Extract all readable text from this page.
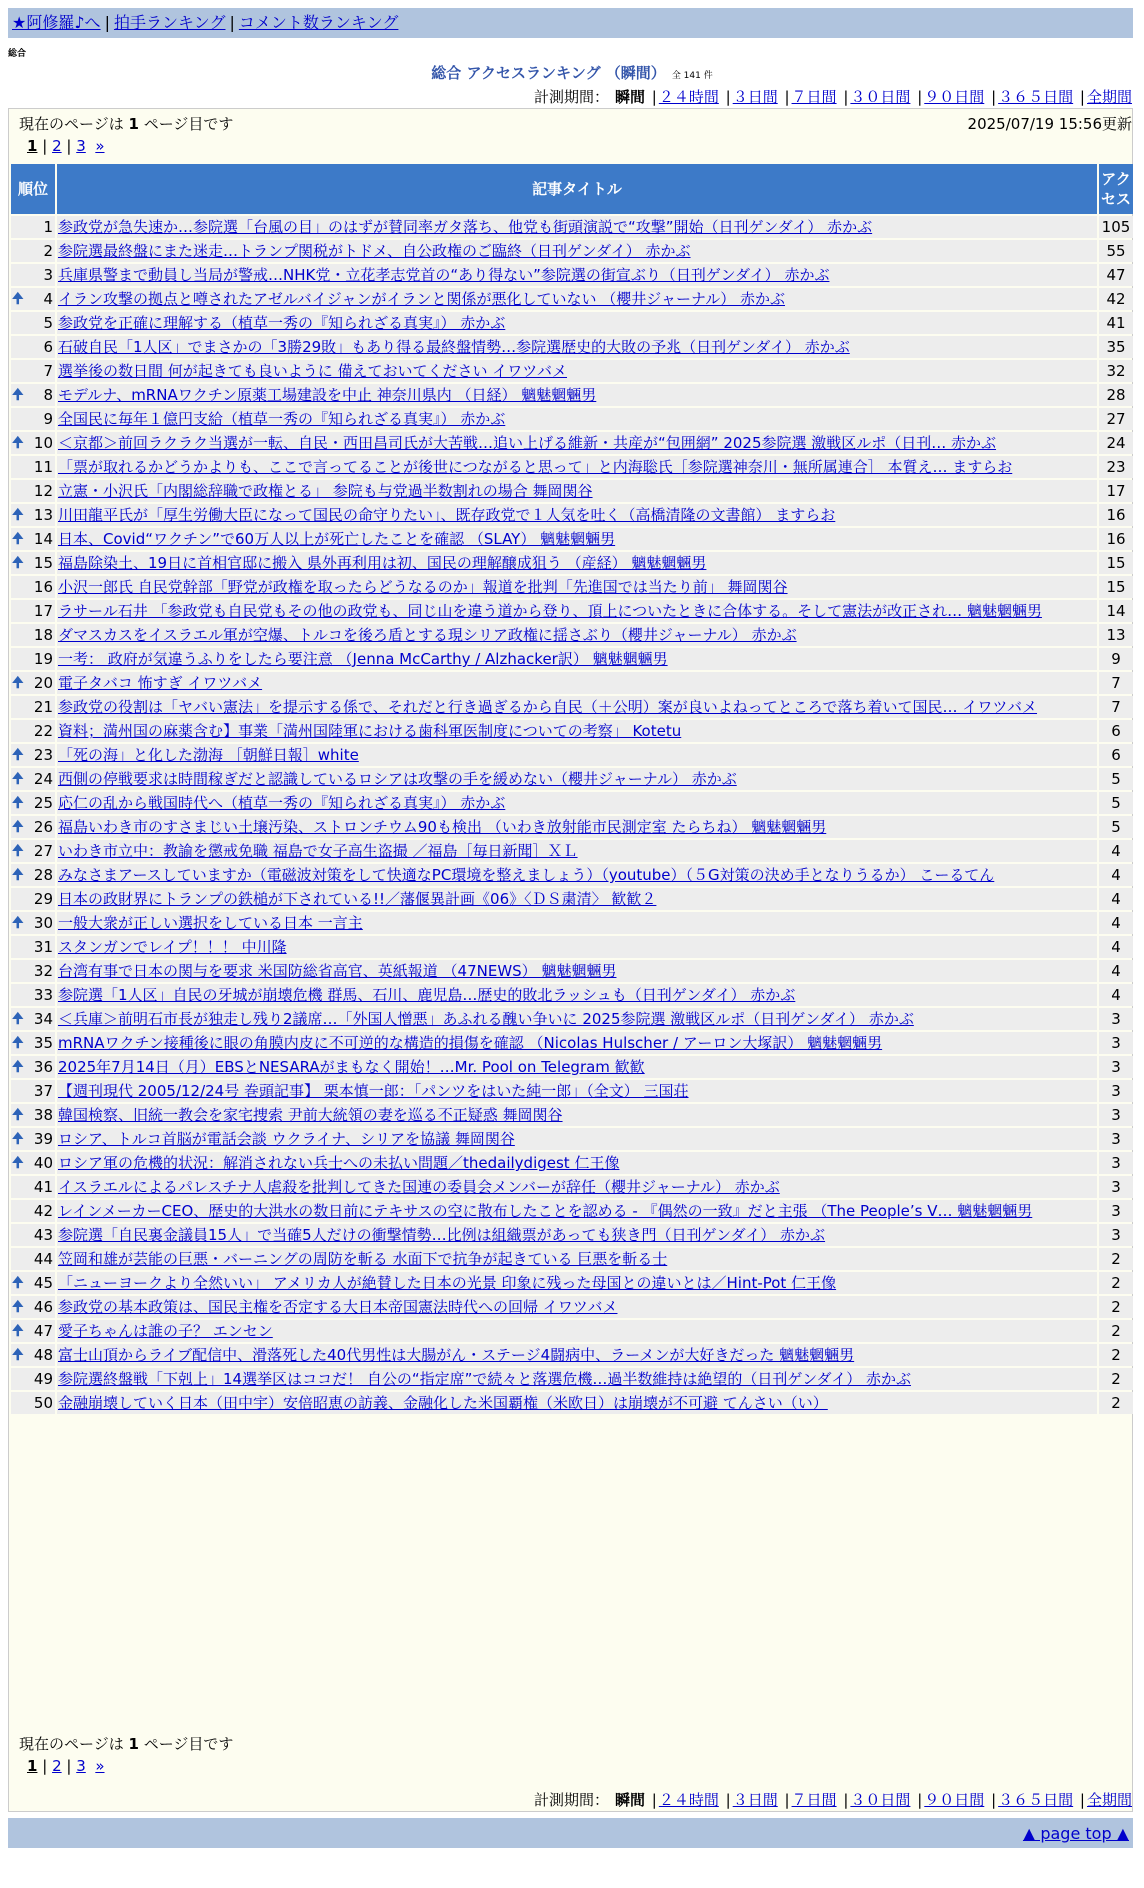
★阿修羅♪へ | 拍手ランキング | コメント数ランキング
総合
総合 アクセスランキング （瞬間） 全 141 件
計測期間： 瞬間 | ２４時間 | ３日間 | ７日間 | ３０日間 | ９０日間 | ３６５日間 | 全期間
現在のページは 1 ページ目です	2025/07/19 15:56更新
1 | 2 | 3 »
順位	記事タイトル	アクセス
1	参政党が急失速か…参院選「台風の目」のはずが賛同率ガタ落ち、他党も街頭演説で“攻撃”開始（日刊ゲンダイ） 赤かぶ	105
2	参院選最終盤にまた迷走…トランプ関税がトドメ、自公政権のご臨終（日刊ゲンダイ） 赤かぶ	55
3	兵庫県警まで動員し当局が警戒…NHK党・立花孝志党首の“あり得ない”参院選の街宣ぶり（日刊ゲンダイ） 赤かぶ	47

🠉 4	イラン攻撃の拠点と噂されたアゼルバイジャンがイランと関係が悪化していない （櫻井ジャーナル） 赤かぶ	42
5	参政党を正確に理解する（植草一秀の『知られざる真実』） 赤かぶ	41
6	石破自民「1人区」でまさかの「3勝29敗」もあり得る最終盤情勢…参院選歴史的大敗の予兆（日刊ゲンダイ） 赤かぶ	35
7	選挙後の数日間 何が起きても良いように 備えておいてください イワツバメ	32

🠉 8	モデルナ、mRNAワクチン原薬工場建設を中止 神奈川県内 （日経） 魑魅魍魎男	28
9	全国民に毎年１億円支給（植草一秀の『知られざる真実』） 赤かぶ	27

🠉 10	＜京都＞前回ラクラク当選が一転、自民・西田昌司氏が大苦戦…追い上げる維新・共産が“包囲網” 2025参院選 激戦区ルポ（日刊… 赤かぶ	24
11	「票が取れるかどうかよりも、ここで言ってることが後世につながると思って」と内海聡氏［参院選神奈川・無所属連合］ 本質え… ますらお	23
12	立憲・小沢氏「内閣総辞職で政権とる」 参院も与党過半数割れの場合 舞岡関谷	17

🠉 13	川田龍平氏が「厚生労働大臣になって国民の命守りたい」、既存政党で１人気を吐く（高橋清隆の文書館） ますらお	16

🠉 14	日本、Covid“ワクチン”で60万人以上が死亡したことを確認 （SLAY） 魑魅魍魎男	16

🠉 15	福島除染土、19日に首相官邸に搬入 県外再利用は初、国民の理解醸成狙う （産経） 魑魅魍魎男	15
16	小沢一郎氏 自民党幹部「野党が政権を取ったらどうなるのか」報道を批判「先進国では当たり前」 舞岡関谷	15
17	ラサール石井 「参政党も自民党もその他の政党も、同じ山を違う道から登り、頂上についたときに合体する。そして憲法が改正され… 魑魅魍魎男	14
18	ダマスカスをイスラエル軍が空爆、トルコを後ろ盾とする現シリア政権に揺さぶり（櫻井ジャーナル） 赤かぶ	13
19	一考： 政府が気違うふりをしたら要注意 （Jenna McCarthy / Alzhacker訳） 魑魅魍魎男	9

🠉 20	電子タバコ 怖すぎ イワツバメ	7
21	参政党の役割は「ヤバい憲法」を提示する係で、それだと行き過ぎるから自民（＋公明）案が良いよねってところで落ち着いて国民… イワツバメ	7
22	資料；満州国の麻薬含む】事業「満州国陸軍における歯科軍医制度についての考察」 Kotetu	6

🠉 23	「死の海」と化した渤海 ［朝鮮日報］white	6

🠉 24	西側の停戦要求は時間稼ぎだと認識しているロシアは攻撃の手を緩めない（櫻井ジャーナル） 赤かぶ	5

🠉 25	応仁の乱から戦国時代へ（植草一秀の『知られざる真実』） 赤かぶ	5

🠉 26	福島いわき市のすさまじい土壌汚染、ストロンチウム90も検出 （いわき放射能市民測定室 たらちね） 魑魅魍魎男	5

🠉 27	いわき市立中：教諭を懲戒免職 福島で女子高生盗撮 ／福島［毎日新聞］ＸＬ	4

🠉 28	みなさまアースしていますか（電磁波対策をして快適なPC環境を整えましょう）（youtube）（５G対策の決め手となりうるか） こーるてん	4
29	日本の政財界にトランプの鉄槌が下されている!!／藩偃異計画《06》〈ＤＳ粛清〉 歓歓２	4

🠉 30	一般大衆が正しい選択をしている日本 一言主	4
31	スタンガンでレイプ！！！ 中川隆	4
32	台湾有事で日本の関与を要求 米国防総省高官、英紙報道 （47NEWS） 魑魅魍魎男	4
33	参院選「1人区」自民の牙城が崩壊危機 群馬、石川、鹿児島…歴史的敗北ラッシュも（日刊ゲンダイ） 赤かぶ	4

🠉 34	＜兵庫＞前明石市長が独走し残り2議席…「外国人憎悪」あふれる醜い争いに 2025参院選 激戦区ルポ（日刊ゲンダイ） 赤かぶ	3

🠉 35	mRNAワクチン接種後に眼の角膜内皮に不可逆的な構造的損傷を確認 （Nicolas Hulscher / アーロン大塚訳） 魑魅魍魎男	3

🠉 36	2025年7月14日（月）EBSとNESARAがまもなく開始！…Mr. Pool on Telegram 歓歓	3
37	【週刊現代 2005/12/24号 巻頭記事】 栗本慎一郎：「パンツをはいた純一郎」（全文） 三国荘	3

🠉 38	韓国検察、旧統一教会を家宅捜索 尹前大統領の妻を巡る不正疑惑 舞岡関谷	3

🠉 39	ロシア、トルコ首脳が電話会談 ウクライナ、シリアを協議 舞岡関谷	3

🠉 40	ロシア軍の危機的状況：解消されない兵士への未払い問題／thedailydigest 仁王像	3
41	イスラエルによるパレスチナ人虐殺を批判してきた国連の委員会メンバーが辞任（櫻井ジャーナル） 赤かぶ	3
42	レインメーカーCEO、歴史的大洪水の数日前にテキサスの空に散布したことを認める - 『偶然の一致』だと主張 （The People’s V… 魑魅魍魎男	3
43	参院選「自民裏金議員15人」で当確5人だけの衝撃情勢…比例は組織票があっても狭き門（日刊ゲンダイ） 赤かぶ	3
44	笠岡和雄が芸能の巨悪・バーニングの周防を斬る 水面下で抗争が起きている 巨悪を斬る士	2

🠉 45	「ニューヨークより全然いい」 アメリカ人が絶賛した日本の光景 印象に残った母国との違いとは／Hint-Pot 仁王像	2

🠉 46	参政党の基本政策は、国民主権を否定する大日本帝国憲法時代への回帰 イワツバメ	2

🠉 47	愛子ちゃんは誰の子？ エンセン	2

🠉 48	富士山頂からライブ配信中、滑落死した40代男性は大腸がん・ステージ4闘病中、ラーメンが大好きだった 魑魅魍魎男	2
49	参院選終盤戦「下剋上」14選挙区はココだ！ 自公の“指定席”で続々と落選危機…過半数維持は絶望的（日刊ゲンダイ） 赤かぶ	2
50	金融崩壊していく日本（田中宇）安倍昭恵の訪義、金融化した米国覇権（米欧日）は崩壊が不可避 てんさい（い）	2
現在のページは 1 ページ目です
1 | 2 | 3 »
計測期間： 瞬間 | ２４時間 | ３日間 | ７日間 | ３０日間 | ９０日間 | ３６５日間 | 全期間
▲ page top ▲
